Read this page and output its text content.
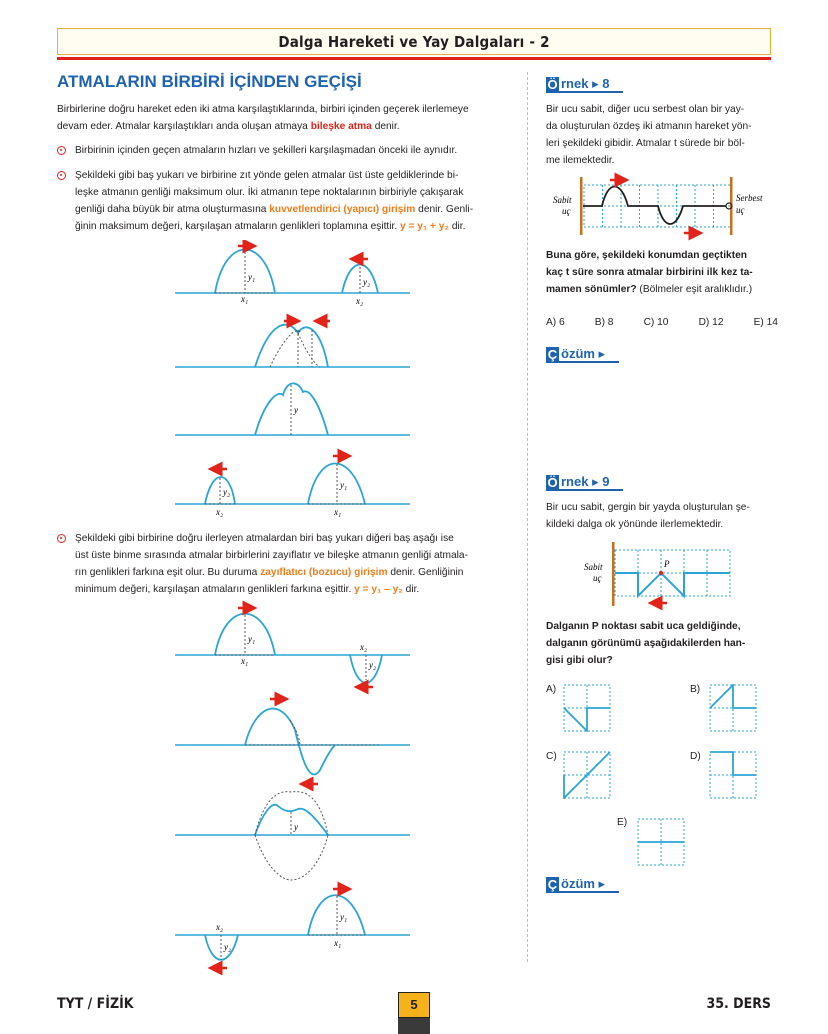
Dalga Hareketi ve Yay Dalgaları - 2
ATMALARIN BİRBİRİ İÇİNDEN GEÇİŞİ
Birbirlerine doğru hareket eden iki atma karşılaştıklarında, birbiri içinden geçerek ilerlemeye
devam eder. Atmalar karşılaştıkları anda oluşan atmaya bileşke atma denir.
Birbirinin içinden geçen atmaların hızları ve şekilleri karşılaşmadan önceki ile aynıdır.
Şekildeki gibi baş yukarı ve birbirine zıt yönde gelen atmalar üst üste geldiklerinde bi-
leşke atmanın genliği maksimum olur. İki atmanın tepe noktalarının birbiriyle çakışarak
genliği daha büyük bir atma oluşturmasına kuvvetlendirici (yapıcı) girişim denir. Genli-
ğinin maksimum değeri, karşılaşan atmaların genlikleri toplamına eşittir. y = y₁ + y₂ dir.
y₁	y₂
x₁	x₂
y
y₂
y₁
x₂	x₁
Şekildeki gibi birbirine doğru ilerleyen atmalardan biri baş yukarı diğeri baş aşağı ise
üst üste binme sırasında atmalar birbirlerini zayıflatır ve bileşke atmanın genliği atmala-
rın genlikleri farkına eşit olur. Bu duruma zayıflatıcı (bozucu) girişim denir. Genliğinin
minimum değeri, karşılaşan atmaların genlikleri farkına eşittir. y = y₁ – y₂ dir.
y₁
y₂
x₁
x₂
y
y₂
y₁
x₂
x₁
Ö rnek ▸ 8
Bir ucu sabit, diğer ucu serbest olan bir yay-
da oluşturulan özdeş iki atmanın hareket yön-
leri şekildeki gibidir. Atmalar t sürede bir böl-
me ilemektedir.
Sabit
uç
Serbest
uç
Buna göre, şekildeki konumdan geçtikten
kaç t süre sonra atmalar birbirini ilk kez ta-
mamen sönümler? (Bölmeler eşit aralıklıdır.)
A) 6	B) 8	C) 10	D) 12	E) 14
Ç özüm ▸
Ö rnek ▸ 9
Bir ucu sabit, gergin bir yayda oluşturulan şe-
kildeki dalga ok yönünde ilerlemektedir.
P
Sabit
uç
Dalganın P noktası sabit uca geldiğinde,
dalganın görünümü aşağıdakilerden han-
gisi gibi olur?
A)	B)
C)	D)
E)
Ç özüm ▸
TYT / FİZİK	5	35. DERS
